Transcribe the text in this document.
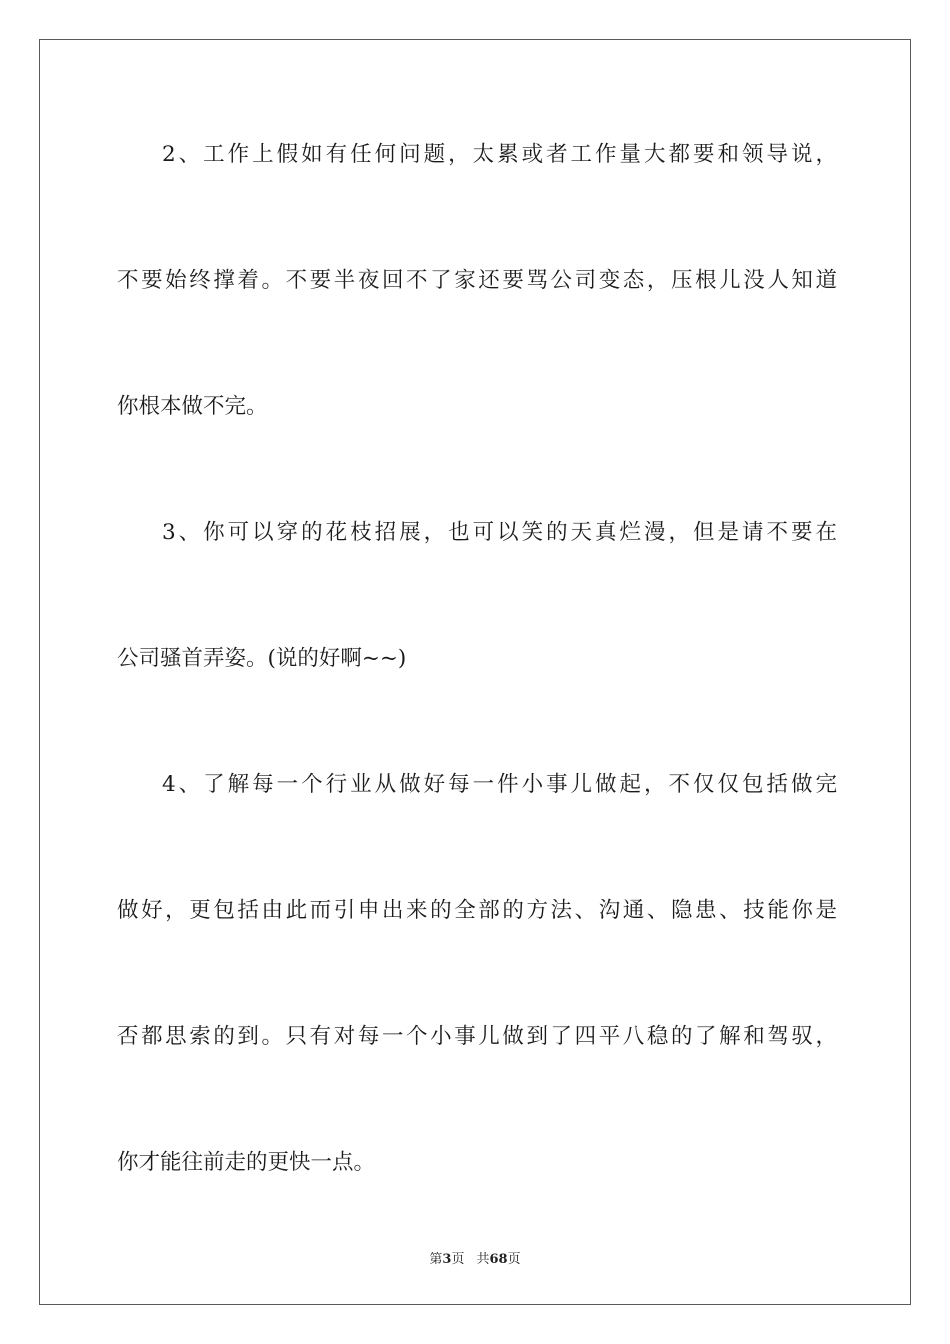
2、工作上假如有任何问题，太累或者工作量大都要和领导说，
不要始终撑着。不要半夜回不了家还要骂公司变态，压根儿没人知道
你根本做不完。
3、你可以穿的花枝招展，也可以笑的天真烂漫，但是请不要在
公司骚首弄姿。(说的好啊~~)
4、了解每一个行业从做好每一件小事儿做起，不仅仅包括做完
做好，更包括由此而引申出来的全部的方法、沟通、隐患、技能你是
否都思索的到。只有对每一个小事儿做到了四平八稳的了解和驾驭，
你才能往前走的更快一点。
第3页 共68页
